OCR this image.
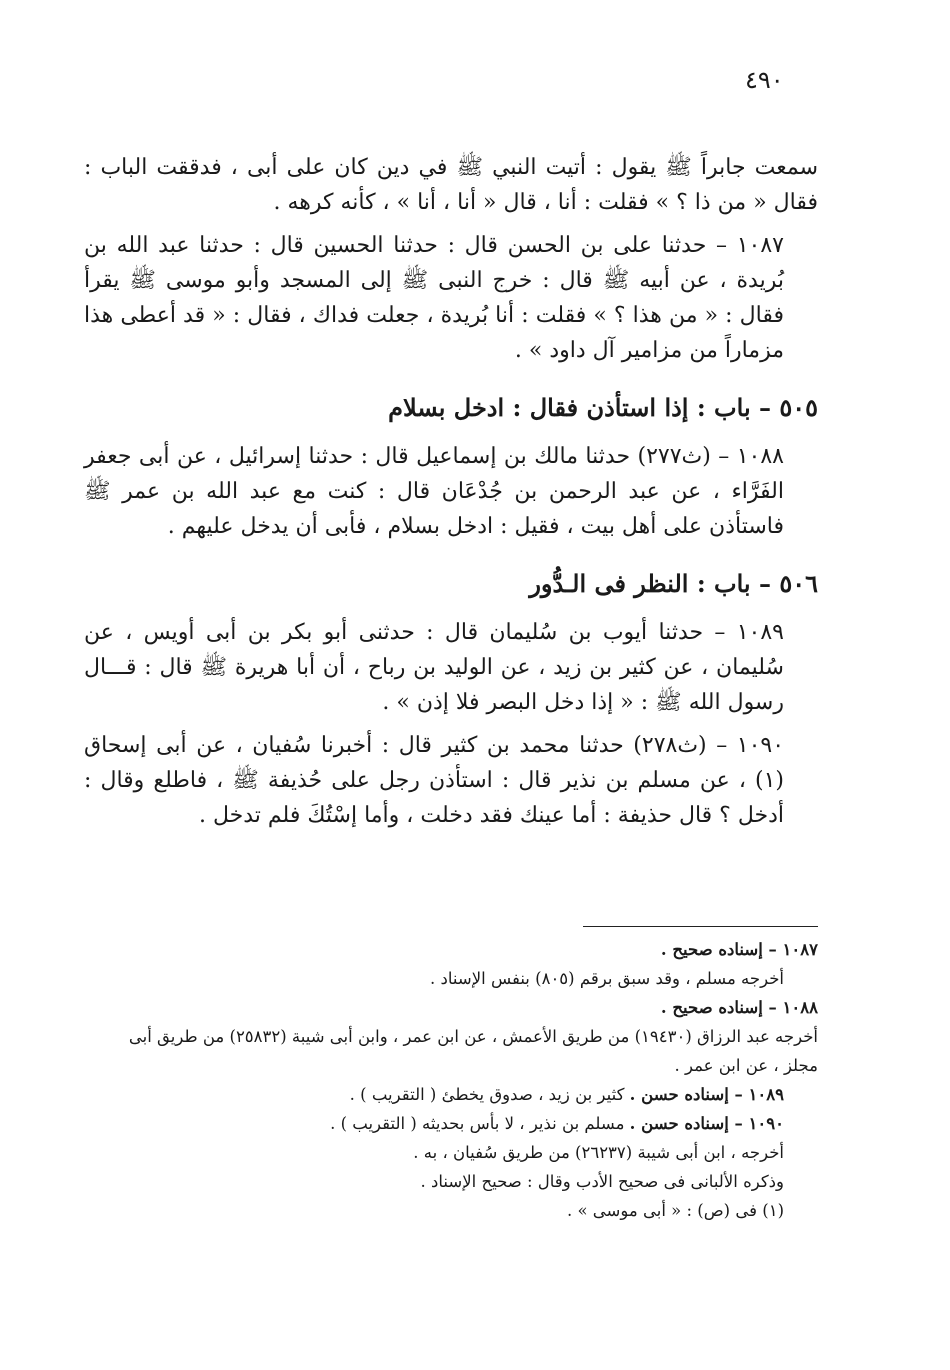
٤٩٠

سمعت جابراً ﷺ يقول : أتيت النبي ﷺ في دين كان على أبى ، فدققت الباب : فقال « من ذا ؟ » فقلت : أنا ، قال « أنا ، أنا » ، كأنه كرهه .

١٠٨٧ – حدثنا على بن الحسن قال : حدثنا الحسين قال : حدثنا عبد الله بن بُريدة ، عن أبيه ﷺ قال : خرج النبى ﷺ إلى المسجد وأبو موسى ﷺ يقرأ فقال : « من هذا ؟ » فقلت : أنا بُريدة ، جعلت فداك ، فقال : « قد أعطى هذا مزماراً من مزامير آل داود » .

٥٠٥ – باب : إذا استأذن فقال : ادخل بسلام

١٠٨٨ – (ث٢٧٧) حدثنا مالك بن إسماعيل قال : حدثنا إسرائيل ، عن أبى جعفر الفَرَّاء ، عن عبد الرحمن بن جُدْعَان قال : كنت مع عبد الله بن عمر ﷺ فاستأذن على أهل بيت ، فقيل : ادخل بسلام ، فأبى أن يدخل عليهم .

٥٠٦ – باب : النظر فى الـدُّور

١٠٨٩ – حدثنا أيوب بن سُليمان قال : حدثنى أبو بكر بن أبى أويس ، عن سُليمان ، عن كثير بن زيد ، عن الوليد بن رباح ، أن أبا هريرة ﷺ قال : قـــال رسول الله ﷺ : « إذا دخل البصر فلا إذن » .

١٠٩٠ – (ث٢٧٨) حدثنا محمد بن كثير قال : أخبرنا سُفيان ، عن أبى إسحاق (١) ، عن مسلم بن نذير قال : استأذن رجل على حُذيفة ﷺ ، فاطلع وقال : أدخل ؟ قال حذيفة : أما عينك فقد دخلت ، وأما إسْتُكَ فلم تدخل .

١٠٨٧ – إسناده صحيح .

أخرجه مسلم ، وقد سبق برقم (٨٠٥) بنفس الإسناد .

١٠٨٨ – إسناده صحيح .

أخرجه عبد الرزاق (١٩٤٣٠) من طريق الأعمش ، عن ابن عمر ، وابن أبى شيبة (٢٥٨٣٢) من طريق أبى مجلز ، عن ابن عمر .

١٠٨٩ – إسناده حسن . كثير بن زيد ، صدوق يخطئ ( التقريب ) .

١٠٩٠ – إسناده حسن . مسلم بن نذير ، لا بأس بحديثه ( التقريب ) .

أخرجه ، ابن أبى شيبة (٢٦٢٣٧) من طريق سُفيان ، به .

وذكره الألبانى فى صحيح الأدب وقال : صحيح الإسناد .

(١) فى (ص) : « أبى موسى » .
